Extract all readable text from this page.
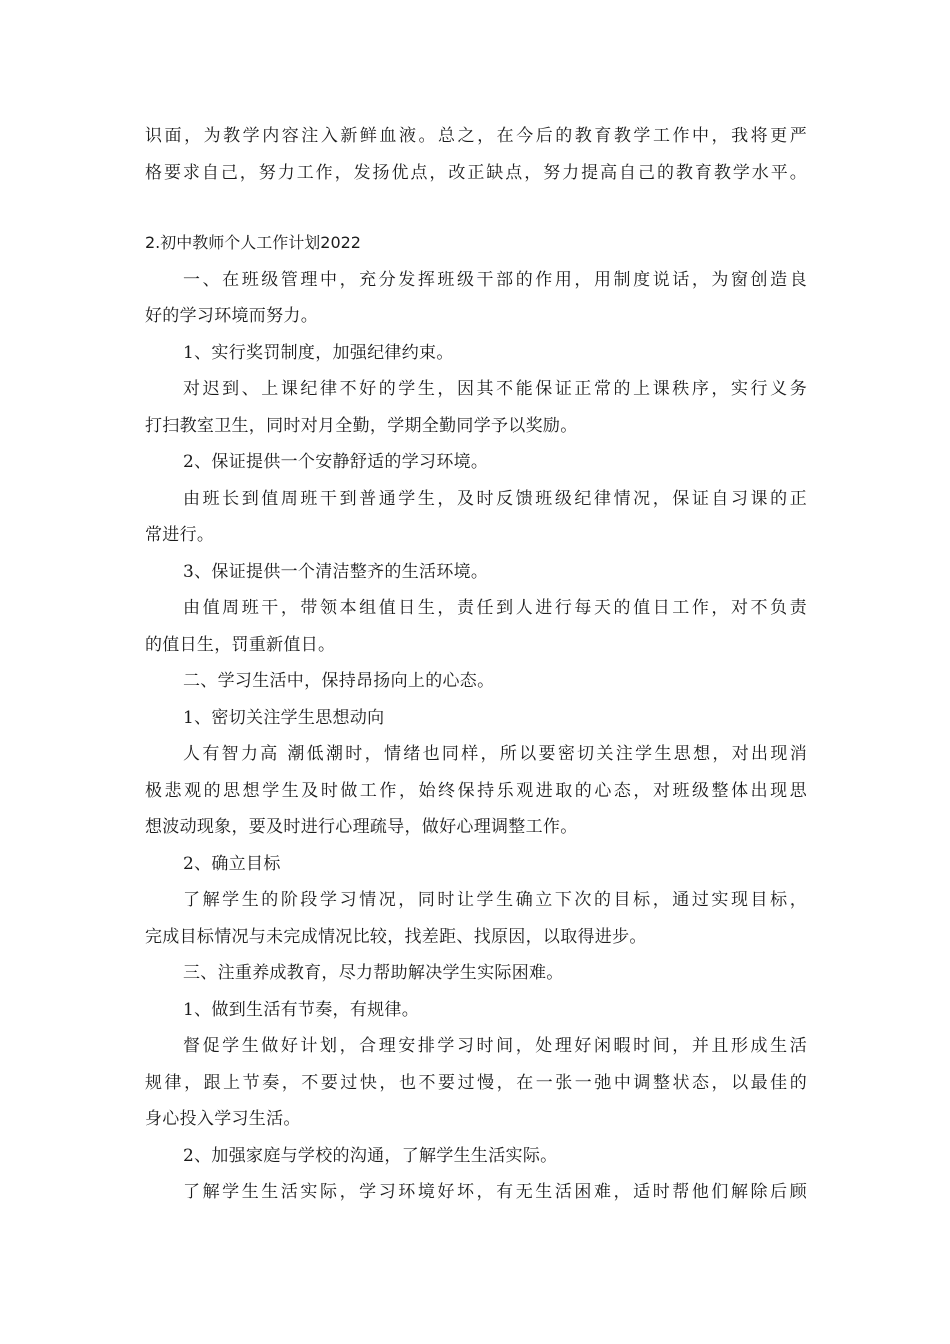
识面，为教学内容注入新鲜血液。总之，在今后的教育教学工作中，我将更严
格要求自己，努力工作，发扬优点，改正缺点，努力提高自己的教育教学水平。
2.初中教师个人工作计划2022
一、在班级管理中，充分发挥班级干部的作用，用制度说话，为窗创造良
好的学习环境而努力。
1、实行奖罚制度，加强纪律约束。
对迟到、上课纪律不好的学生，因其不能保证正常的上课秩序，实行义务
打扫教室卫生，同时对月全勤，学期全勤同学予以奖励。
2、保证提供一个安静舒适的学习环境。
由班长到值周班干到普通学生，及时反馈班级纪律情况，保证自习课的正
常进行。
3、保证提供一个清洁整齐的生活环境。
由值周班干，带领本组值日生，责任到人进行每天的值日工作，对不负责
的值日生，罚重新值日。
二、学习生活中，保持昂扬向上的心态。
1、密切关注学生思想动向
人有智力高 潮低潮时，情绪也同样，所以要密切关注学生思想，对出现消
极悲观的思想学生及时做工作，始终保持乐观进取的心态，对班级整体出现思
想波动现象，要及时进行心理疏导，做好心理调整工作。
2、确立目标
了解学生的阶段学习情况，同时让学生确立下次的目标，通过实现目标，
完成目标情况与未完成情况比较，找差距、找原因，以取得进步。
三、注重养成教育，尽力帮助解决学生实际困难。
1、做到生活有节奏，有规律。
督促学生做好计划，合理安排学习时间，处理好闲暇时间，并且形成生活
规律，跟上节奏，不要过快，也不要过慢，在一张一弛中调整状态，以最佳的
身心投入学习生活。
2、加强家庭与学校的沟通，了解学生生活实际。
了解学生生活实际，学习环境好坏，有无生活困难，适时帮他们解除后顾
